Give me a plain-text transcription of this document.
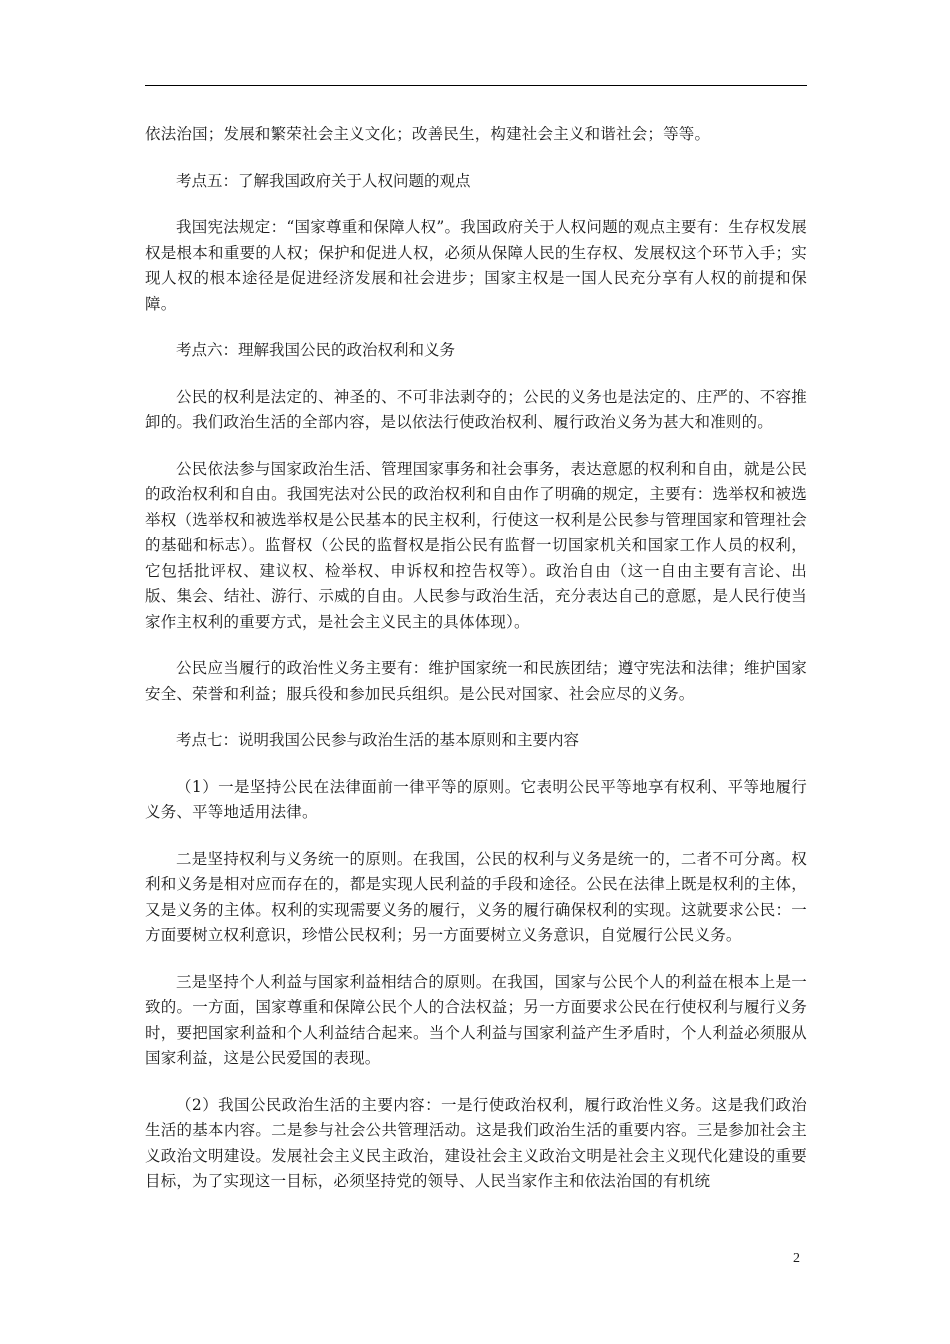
依法治国；发展和繁荣社会主义文化；改善民生，构建社会主义和谐社会；等等。

考点五：了解我国政府关于人权问题的观点

我国宪法规定：“国家尊重和保障人权”。我国政府关于人权问题的观点主要有：生存权发展权是根本和重要的人权；保护和促进人权，必须从保障人民的生存权、发展权这个环节入手；实现人权的根本途径是促进经济发展和社会进步；国家主权是一国人民充分享有人权的前提和保障。

考点六：理解我国公民的政治权利和义务

公民的权利是法定的、神圣的、不可非法剥夺的；公民的义务也是法定的、庄严的、不容推卸的。我们政治生活的全部内容，是以依法行使政治权利、履行政治义务为甚大和准则的。

公民依法参与国家政治生活、管理国家事务和社会事务，表达意愿的权利和自由，就是公民的政治权利和自由。我国宪法对公民的政治权利和自由作了明确的规定，主要有：选举权和被选举权（选举权和被选举权是公民基本的民主权利，行使这一权利是公民参与管理国家和管理社会的基础和标志）。监督权（公民的监督权是指公民有监督一切国家机关和国家工作人员的权利，它包括批评权、建议权、检举权、申诉权和控告权等）。政治自由（这一自由主要有言论、出版、集会、结社、游行、示威的自由。人民参与政治生活，充分表达自己的意愿，是人民行使当家作主权利的重要方式，是社会主义民主的具体体现）。

公民应当履行的政治性义务主要有：维护国家统一和民族团结；遵守宪法和法律；维护国家安全、荣誉和利益；服兵役和参加民兵组织。是公民对国家、社会应尽的义务。

考点七：说明我国公民参与政治生活的基本原则和主要内容

（1）一是坚持公民在法律面前一律平等的原则。它表明公民平等地享有权利、平等地履行义务、平等地适用法律。

二是坚持权利与义务统一的原则。在我国，公民的权利与义务是统一的，二者不可分离。权利和义务是相对应而存在的，都是实现人民利益的手段和途径。公民在法律上既是权利的主体，又是义务的主体。权利的实现需要义务的履行，义务的履行确保权利的实现。这就要求公民：一方面要树立权利意识，珍惜公民权利；另一方面要树立义务意识，自觉履行公民义务。

三是坚持个人利益与国家利益相结合的原则。在我国，国家与公民个人的利益在根本上是一致的。一方面，国家尊重和保障公民个人的合法权益；另一方面要求公民在行使权利与履行义务时，要把国家利益和个人利益结合起来。当个人利益与国家利益产生矛盾时，个人利益必须服从国家利益，这是公民爱国的表现。

（2）我国公民政治生活的主要内容：一是行使政治权利，履行政治性义务。这是我们政治生活的基本内容。二是参与社会公共管理活动。这是我们政治生活的重要内容。三是参加社会主义政治文明建设。发展社会主义民主政治，建设社会主义政治文明是社会主义现代化建设的重要目标，为了实现这一目标，必须坚持党的领导、人民当家作主和依法治国的有机统

2
